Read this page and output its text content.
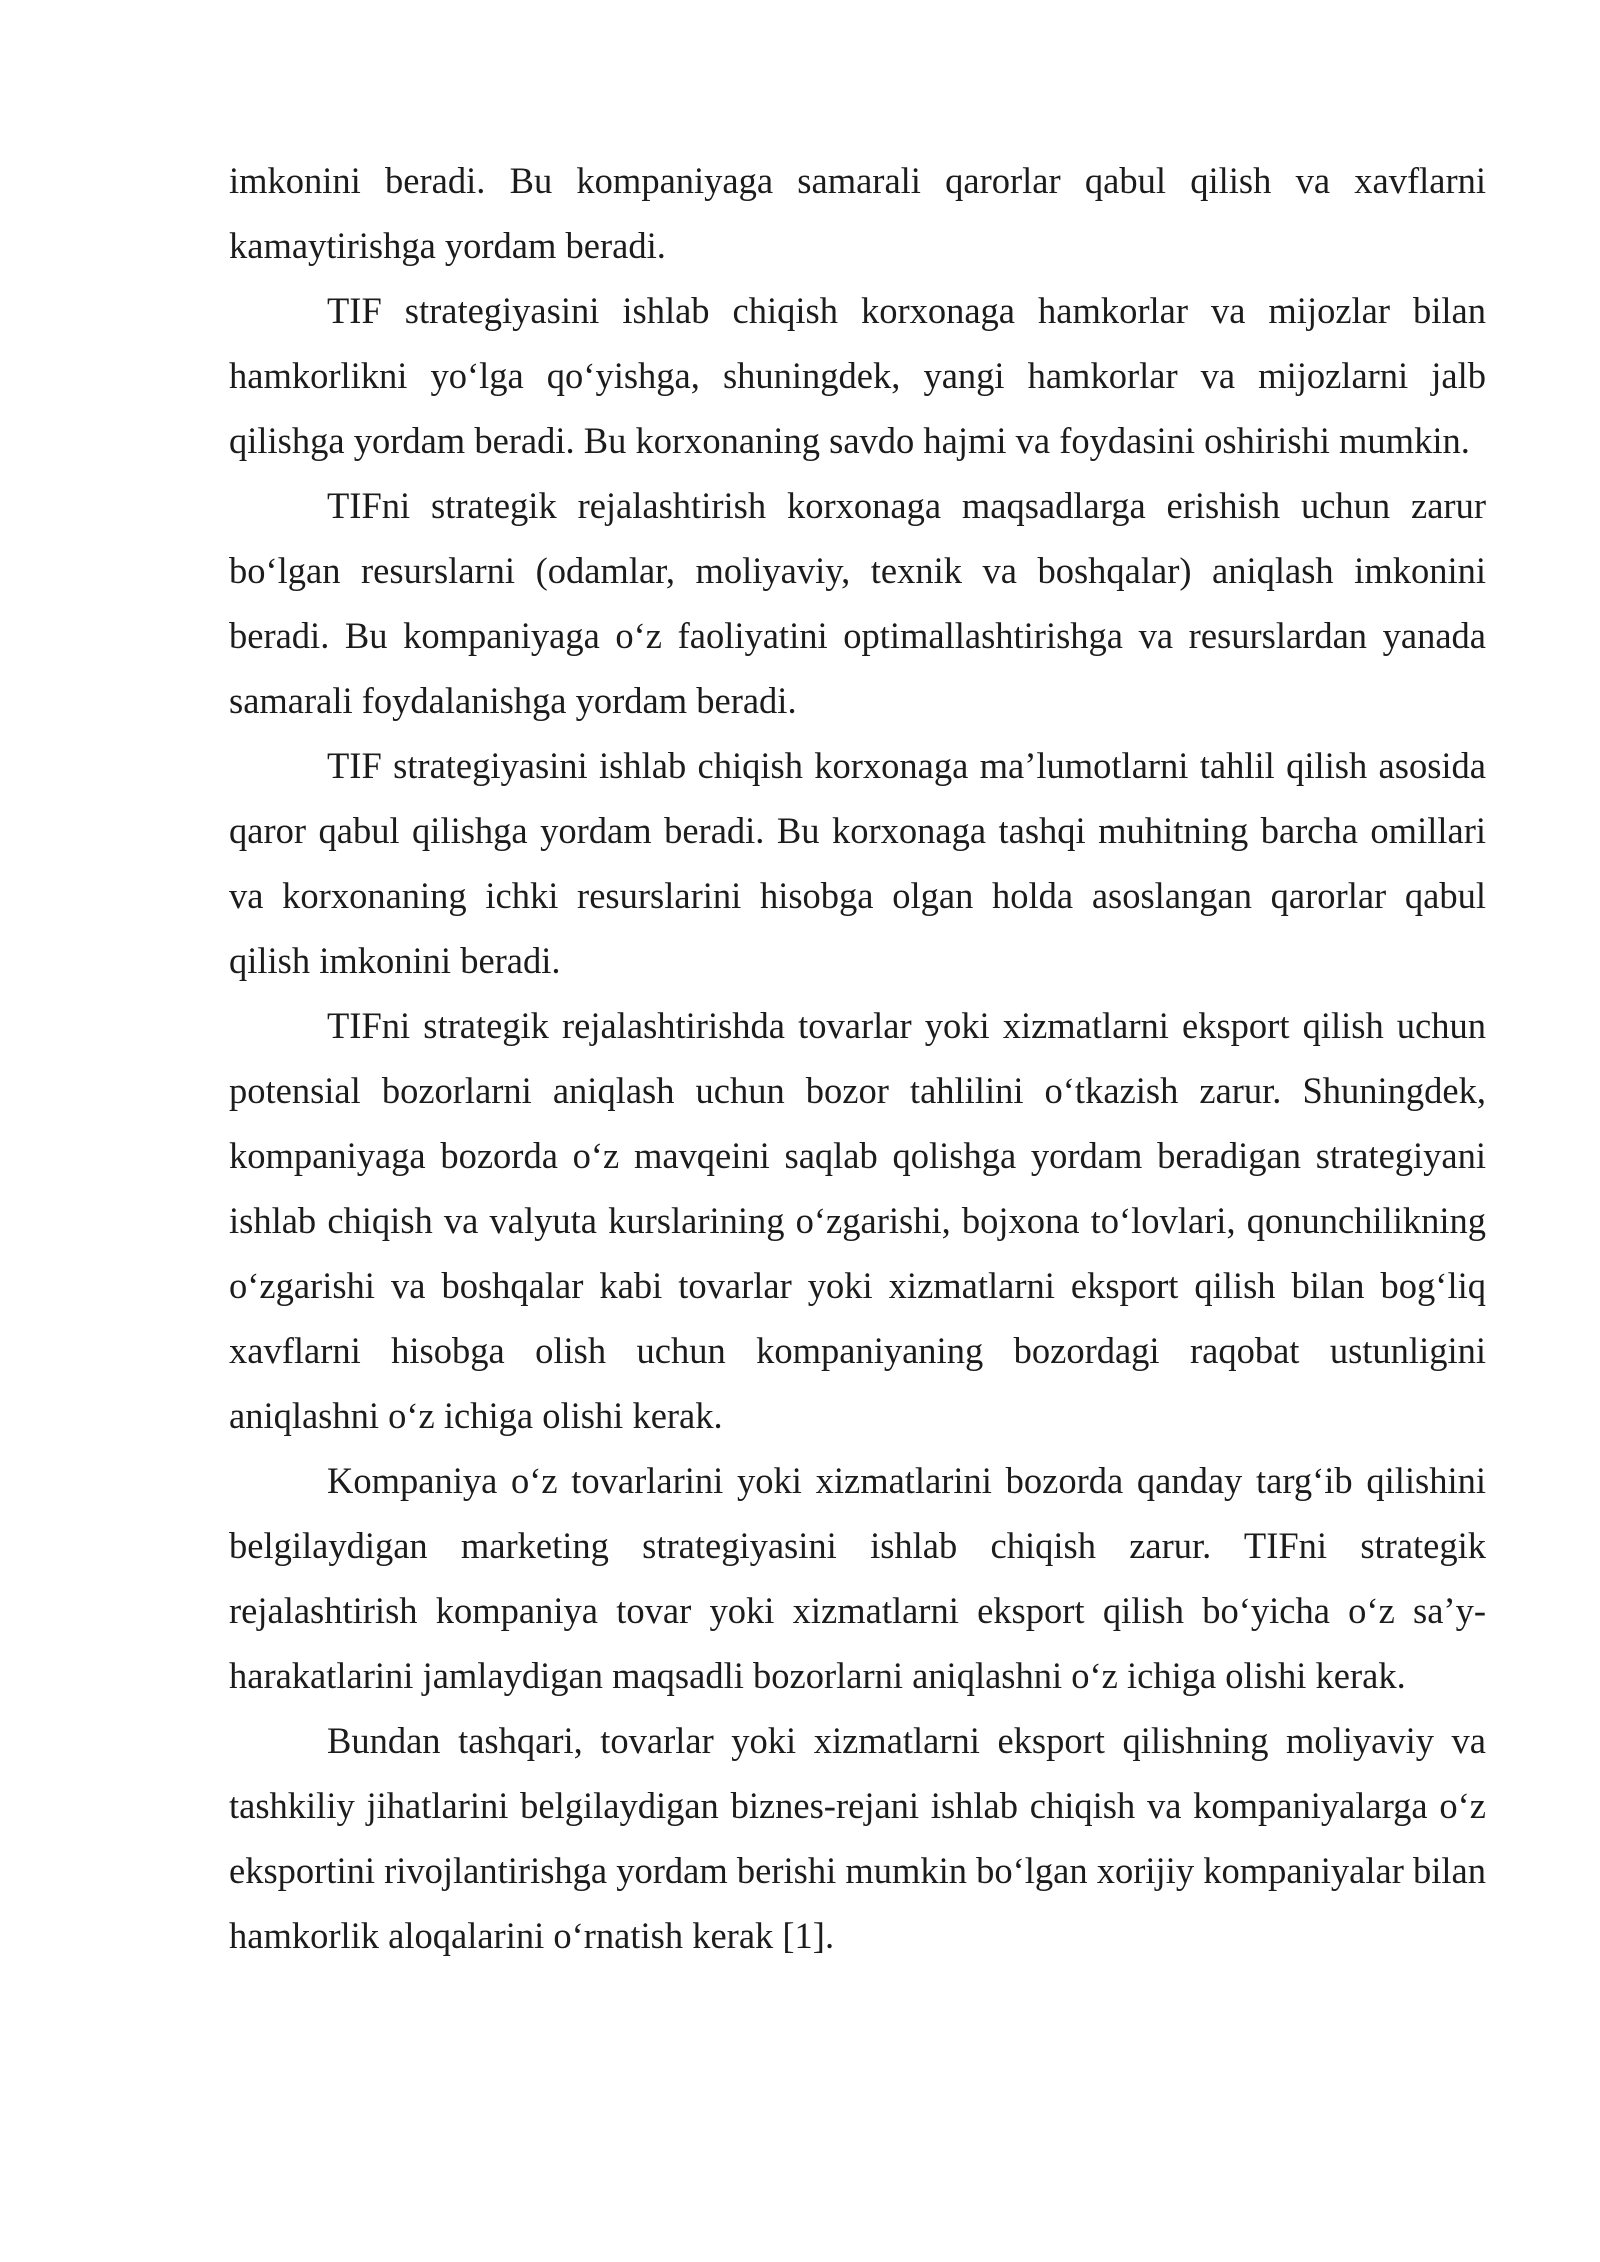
imkonini beradi. Bu kompaniyaga samarali qarorlar qabul qilish va xavflarni kamaytirishga yordam beradi.

TIF strategiyasini ishlab chiqish korxonaga hamkorlar va mijozlar bilan hamkorlikni yo‘lga qo‘yishga, shuningdek, yangi hamkorlar va mijozlarni jalb qilishga yordam beradi. Bu korxonaning savdo hajmi va foydasini oshirishi mumkin.

TIFni strategik rejalashtirish korxonaga maqsadlarga erishish uchun zarur bo‘lgan resurslarni (odamlar, moliyaviy, texnik va boshqalar) aniqlash imkonini beradi. Bu kompaniyaga o‘z faoliyatini optimallashtirishga va resurslardan yanada samarali foydalanishga yordam beradi.

TIF strategiyasini ishlab chiqish korxonaga ma’lumotlarni tahlil qilish asosida qaror qabul qilishga yordam beradi. Bu korxonaga tashqi muhitning barcha omillari va korxonaning ichki resurslarini hisobga olgan holda asoslangan qarorlar qabul qilish imkonini beradi.

TIFni strategik rejalashtirishda tovarlar yoki xizmatlarni eksport qilish uchun potensial bozorlarni aniqlash uchun bozor tahlilini o‘tkazish zarur. Shuningdek, kompaniyaga bozorda o‘z mavqeini saqlab qolishga yordam beradigan strategiyani ishlab chiqish va valyuta kurslarining o‘zgarishi, bojxona to‘lovlari, qonunchilikning o‘zgarishi va boshqalar kabi tovarlar yoki xizmatlarni eksport qilish bilan bog‘liq xavflarni hisobga olish uchun kompaniyaning bozordagi raqobat ustunligini aniqlashni o‘z ichiga olishi kerak.

Kompaniya o‘z tovarlarini yoki xizmatlarini bozorda qanday targ‘ib qilishini belgilaydigan marketing strategiyasini ishlab chiqish zarur. TIFni strategik rejalashtirish kompaniya tovar yoki xizmatlarni eksport qilish bo‘yicha o‘z sa’y-harakatlarini jamlaydigan maqsadli bozorlarni aniqlashni o‘z ichiga olishi kerak.

Bundan tashqari, tovarlar yoki xizmatlarni eksport qilishning moliyaviy va tashkiliy jihatlarini belgilaydigan biznes-rejani ishlab chiqish va kompaniyalarga o‘z eksportini rivojlantirishga yordam berishi mumkin bo‘lgan xorijiy kompaniyalar bilan hamkorlik aloqalarini o‘rnatish kerak [1].
